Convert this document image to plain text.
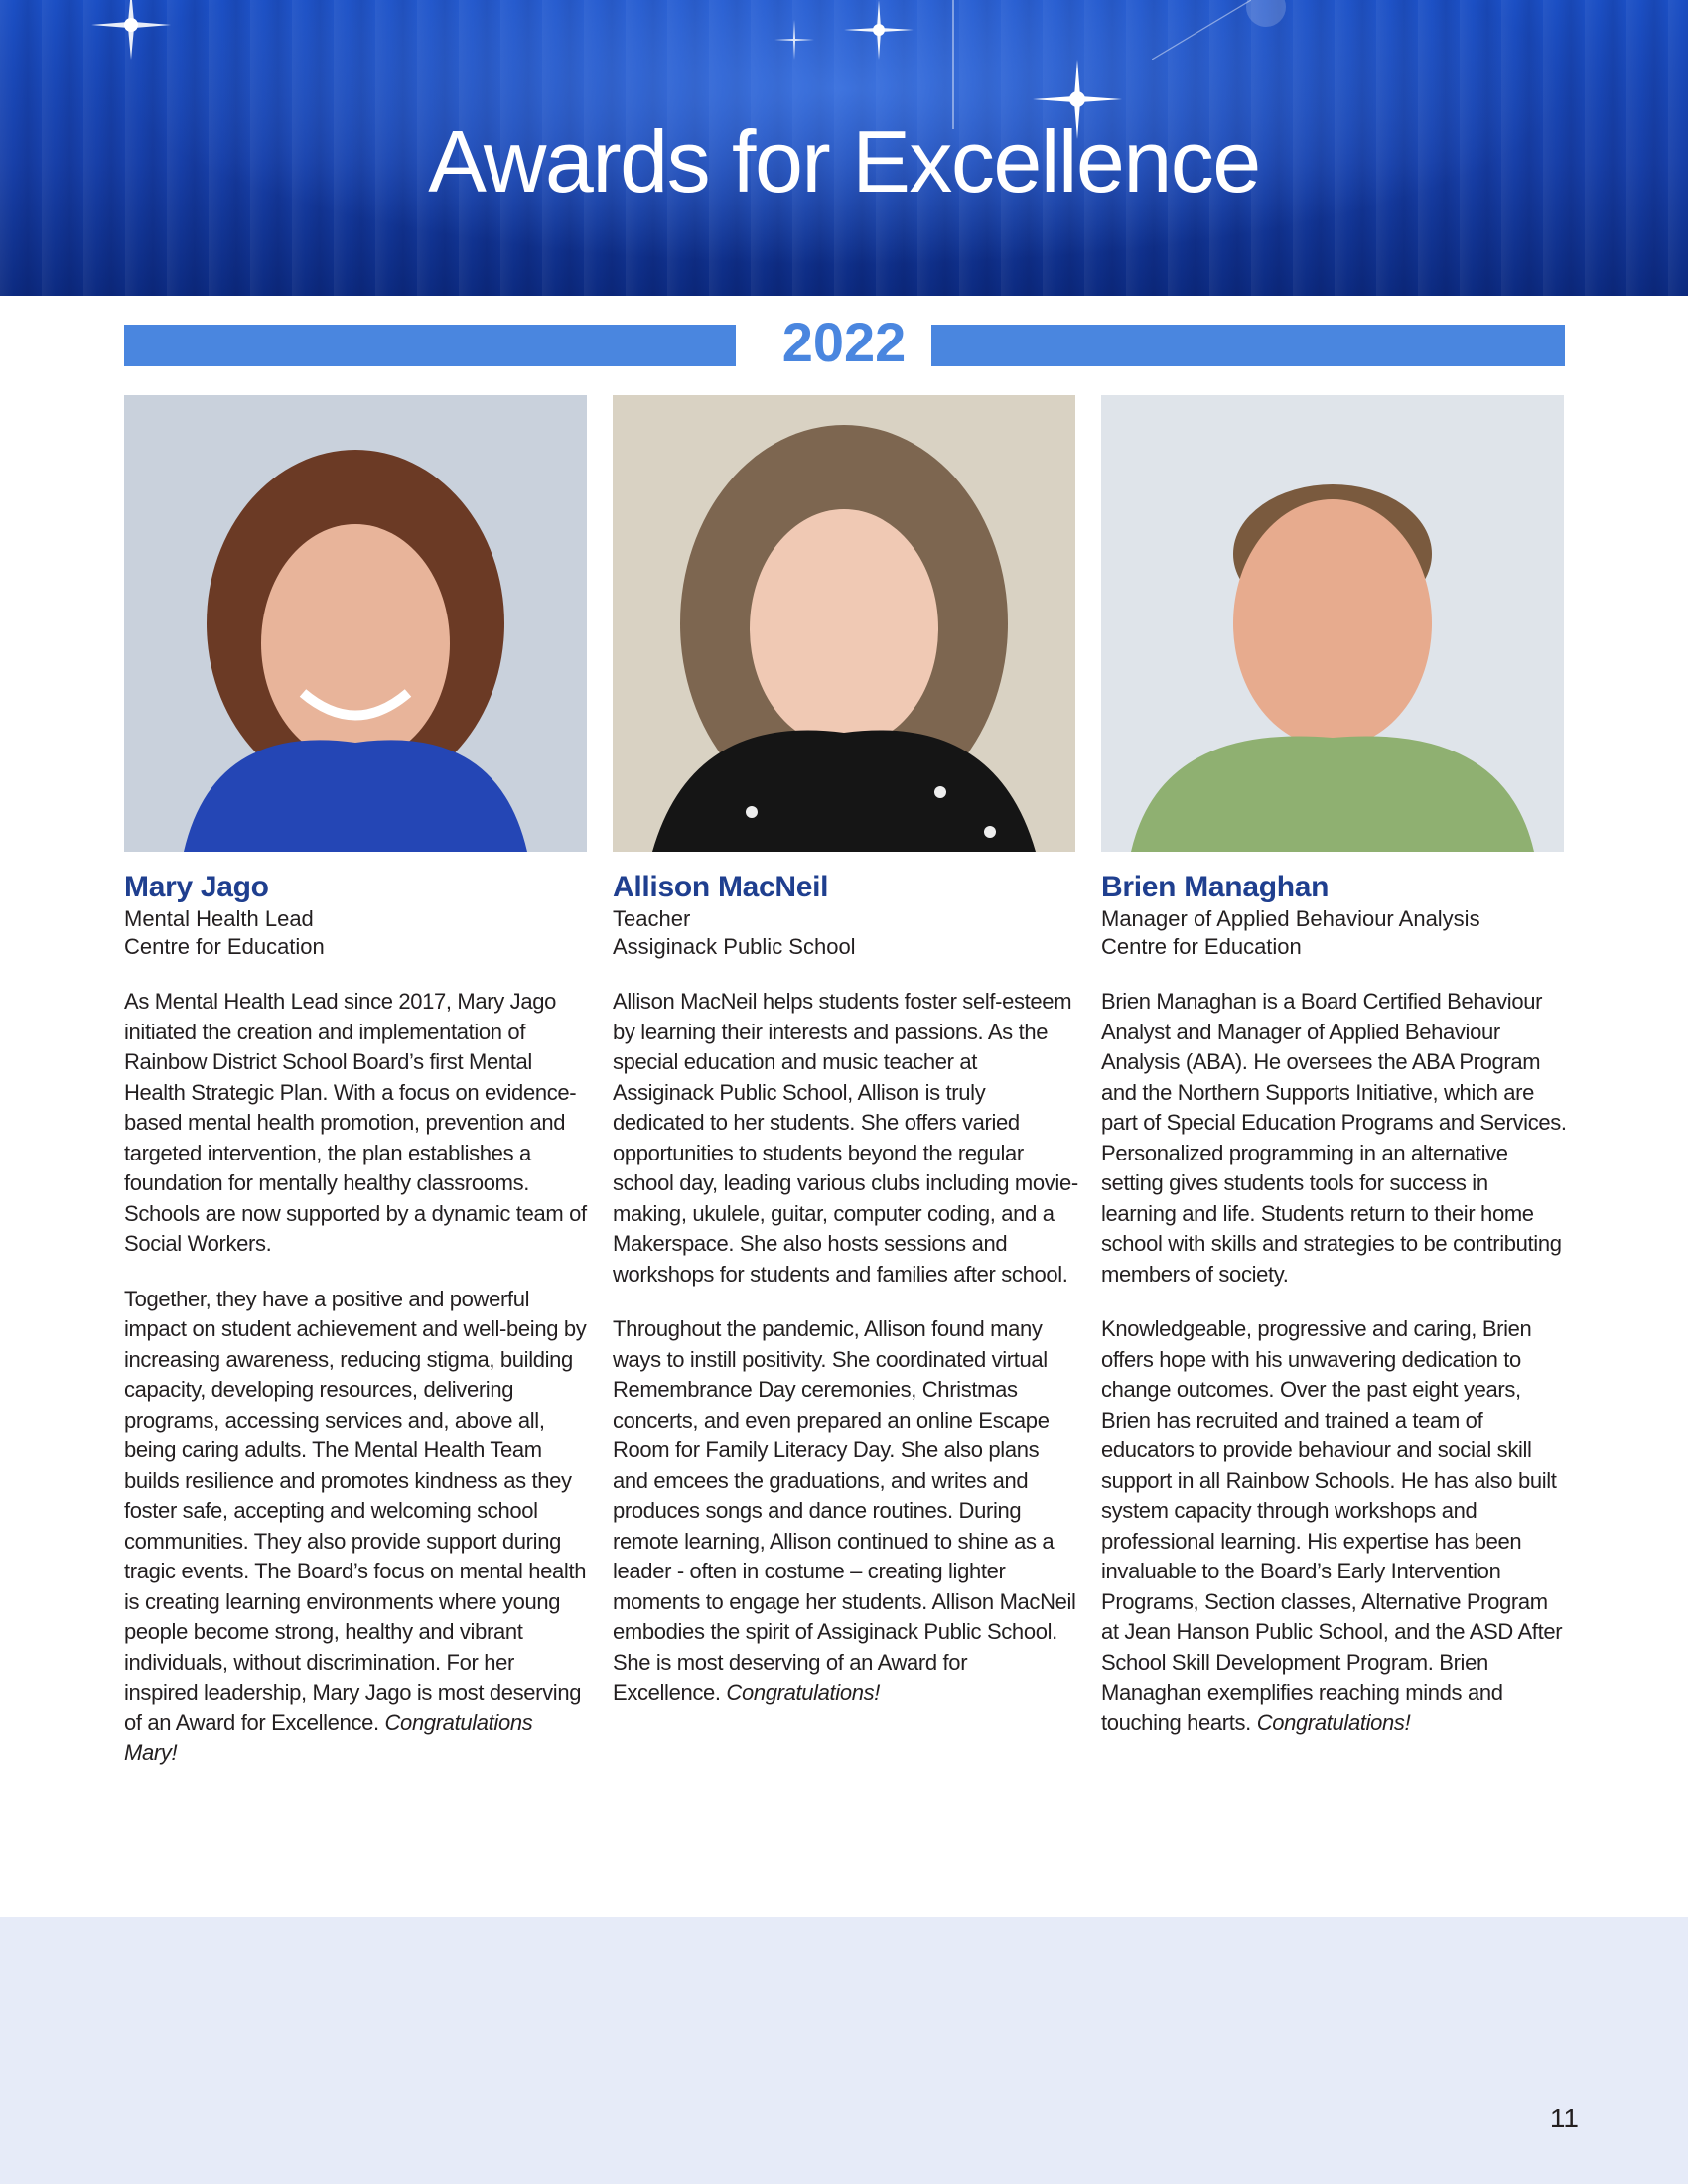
Awards for Excellence
2022
Mary Jago
Mental Health Lead
Centre for Education

As Mental Health Lead since 2017, Mary Jago initiated the creation and implementation of Rainbow District School Board’s first Mental Health Strategic Plan. With a focus on evidence-based mental health promotion, prevention and targeted intervention, the plan establishes a foundation for mentally healthy classrooms. Schools are now supported by a dynamic team of Social Workers.

Together, they have a positive and powerful impact on student achievement and well-being by increasing awareness, reducing stigma, building capacity, developing resources, delivering programs, accessing services and, above all, being caring adults. The Mental Health Team builds resilience and promotes kindness as they foster safe, accepting and welcoming school communities. They also provide support during tragic events. The Board’s focus on mental health is creating learning environments where young people become strong, healthy and vibrant individuals, without discrimination. For her inspired leadership, Mary Jago is most deserving of an Award for Excellence. Congratulations Mary!

Allison MacNeil
Teacher
Assiginack Public School

Allison MacNeil helps students foster self-esteem by learning their interests and passions. As the special education and music teacher at Assiginack Public School, Allison is truly dedicated to her students. She offers varied opportunities to students beyond the regular school day, leading various clubs including movie-making, ukulele, guitar, computer coding, and a Makerspace. She also hosts sessions and workshops for students and families after school.

Throughout the pandemic, Allison found many ways to instill positivity. She coordinated virtual Remembrance Day ceremonies, Christmas concerts, and even prepared an online Escape Room for Family Literacy Day. She also plans and emcees the graduations, and writes and produces songs and dance routines. During remote learning, Allison continued to shine as a leader - often in costume – creating lighter moments to engage her students. Allison MacNeil embodies the spirit of Assiginack Public School. She is most deserving of an Award for Excellence. Congratulations!

Brien Managhan
Manager of Applied Behaviour Analysis
Centre for Education

Brien Managhan is a Board Certified Behaviour Analyst and Manager of Applied Behaviour Analysis (ABA). He oversees the ABA Program and the Northern Supports Initiative, which are part of Special Education Programs and Services. Personalized programming in an alternative setting gives students tools for success in learning and life. Students return to their home school with skills and strategies to be contributing members of society.

Knowledgeable, progressive and caring, Brien offers hope with his unwavering dedication to change outcomes. Over the past eight years, Brien has recruited and trained a team of educators to provide behaviour and social skill support in all Rainbow Schools. He has also built system capacity through workshops and professional learning. His expertise has been invaluable to the Board’s Early Intervention Programs, Section classes, Alternative Program at Jean Hanson Public School, and the ASD After School Skill Development Program. Brien Managhan exemplifies reaching minds and touching hearts. Congratulations!

11
